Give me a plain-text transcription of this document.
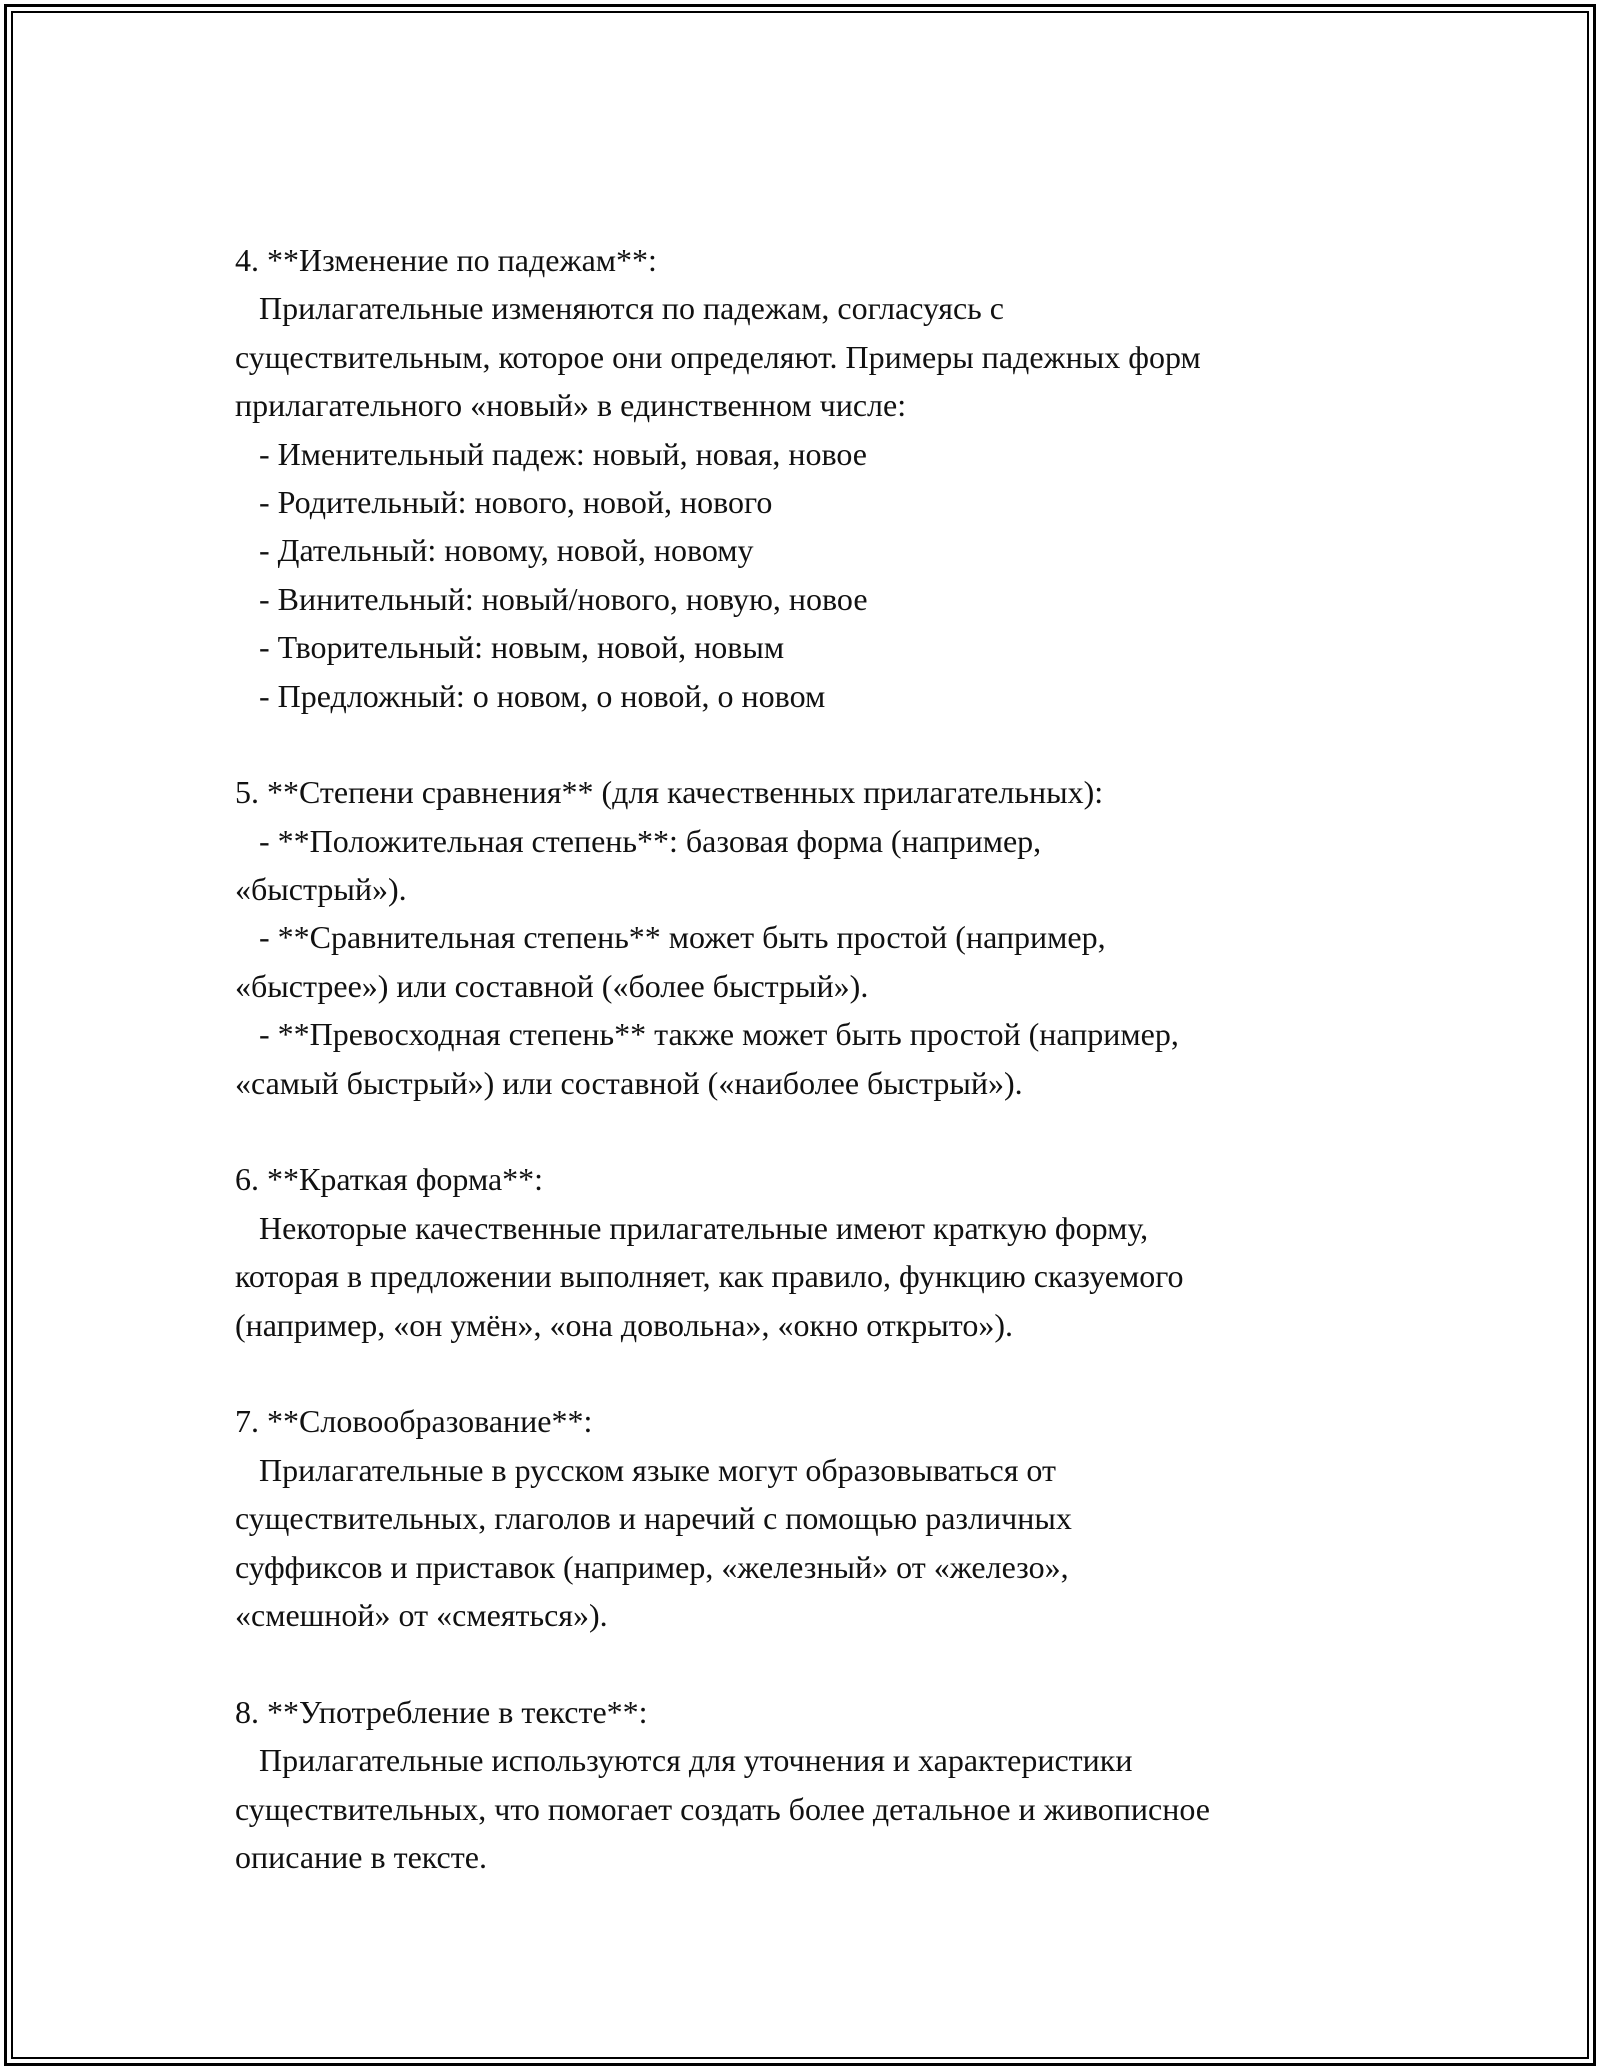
4. **Изменение по падежам**:

Прилагательные изменяются по падежам, согласуясь с

существительным, которое они определяют. Примеры падежных форм

прилагательного «новый» в единственном числе:

- Именительный падеж: новый, новая, новое

- Родительный: нового, новой, нового

- Дательный: новому, новой, новому

- Винительный: новый/нового, новую, новое

- Творительный: новым, новой, новым

- Предложный: о новом, о новой, о новом

5. **Степени сравнения** (для качественных прилагательных):

- **Положительная степень**: базовая форма (например,

«быстрый»).

- **Сравнительная степень** может быть простой (например,

«быстрее») или составной («более быстрый»).

- **Превосходная степень** также может быть простой (например,

«самый быстрый») или составной («наиболее быстрый»).

6. **Краткая форма**:

Некоторые качественные прилагательные имеют краткую форму,

которая в предложении выполняет, как правило, функцию сказуемого

(например, «он умён», «она довольна», «окно открыто»).

7. **Словообразование**:

Прилагательные в русском языке могут образовываться от

существительных, глаголов и наречий с помощью различных

суффиксов и приставок (например, «железный» от «железо»,

«смешной» от «смеяться»).

8. **Употребление в тексте**:

Прилагательные используются для уточнения и характеристики

существительных, что помогает создать более детальное и живописное

описание в тексте.
